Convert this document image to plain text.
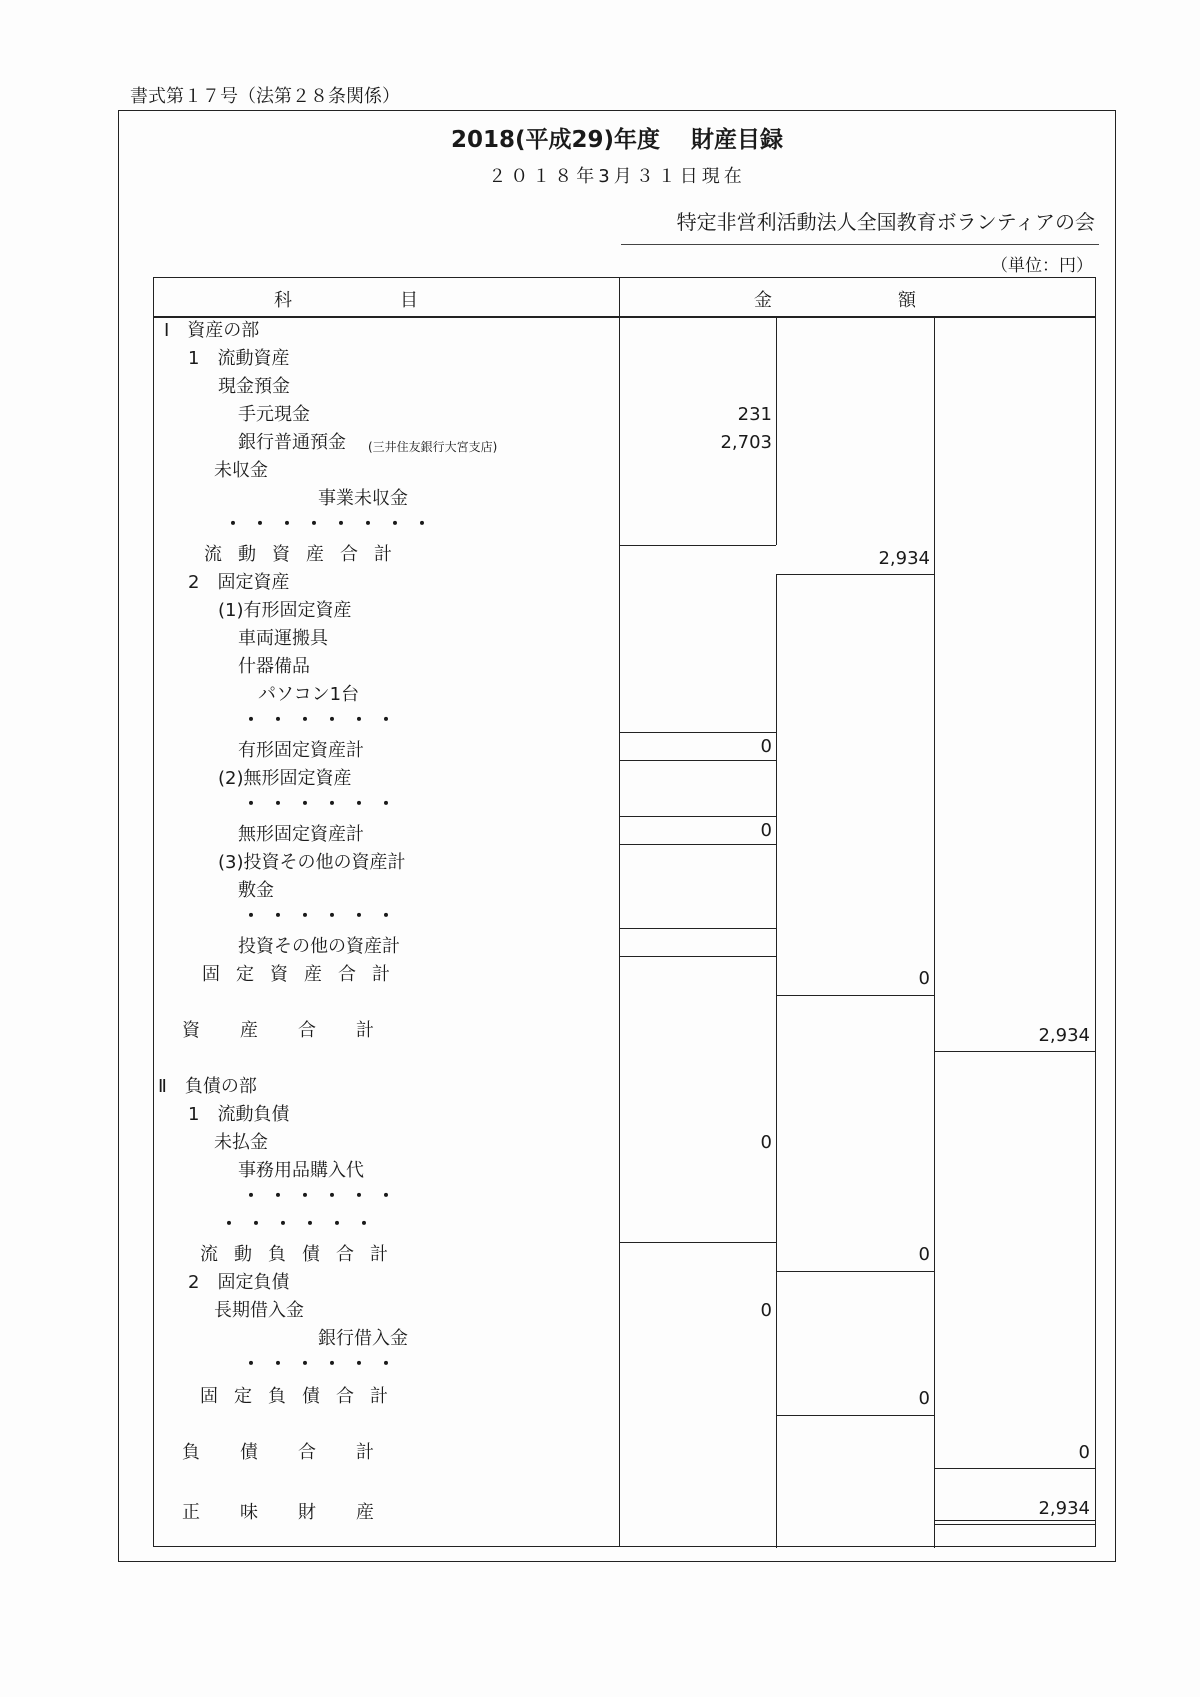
書式第１７号（法第２８条関係）
2018(平成29)年度　 財産目録
２０１８年3月３１日現在
特定非営利活動法人全国教育ボランティアの会
（単位：円）
科　　　　　　目	金　　　　　　　額
Ⅰ　資産の部
1　流動資産
現金預金
手元現金
銀行普通預金 (三井住友銀行大宮支店)
未収金
事業未収金
・・・・・・・・
流動資産合計
2　固定資産
(1)有形固定資産
車両運搬具
什器備品
パソコン1台
・・・・・・
有形固定資産計
(2)無形固定資産
・・・・・・
無形固定資産計
(3)投資その他の資産計
敷金
・・・・・・
投資その他の資産計
固定資産合計
資産合計
Ⅱ　負債の部
1　流動負債
未払金
事務用品購入代
・・・・・・
・・・・・・
流動負債合計
2　固定負債
長期借入金
銀行借入金
・・・・・・
固定負債合計
負債合計
正味財産
231
2,703
2,934
0
0
0
2,934
0
0
0
0
0
2,934
